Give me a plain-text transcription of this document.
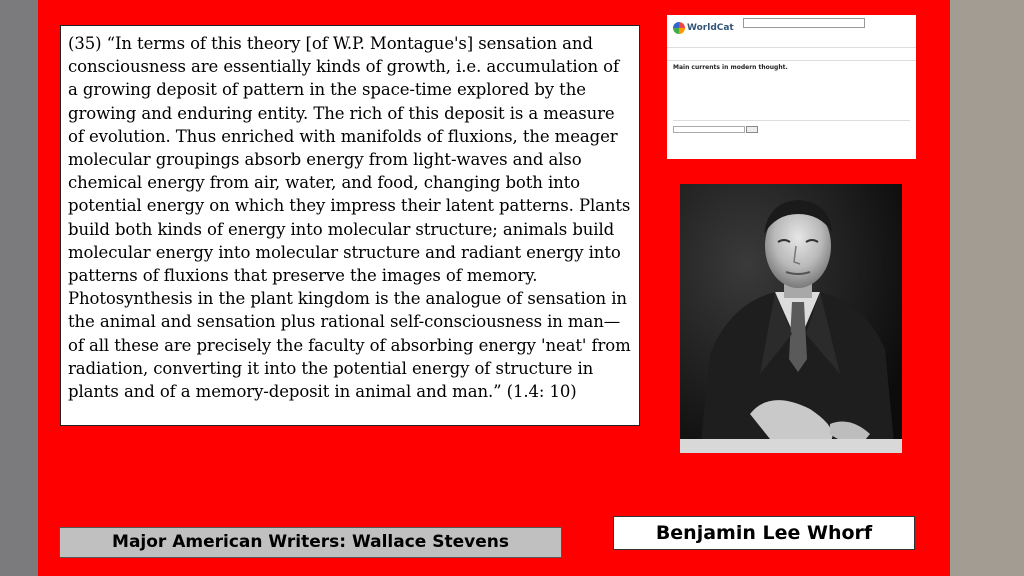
(35) “In terms of this theory [of W.P. Montague's] sensation and consciousness are essentially kinds of growth, i.e. accumulation of a growing deposit of pattern in the space-time explored by the growing and enduring entity. The rich of this deposit is a measure of evolution. Thus enriched with manifolds of fluxions, the meager molecular groupings absorb energy from light-waves and also chemical energy from air, water, and food, changing both into potential energy on which they impress their latent patterns. Plants build both kinds of energy into molecular structure; animals build molecular energy into molecular structure and radiant energy into patterns of fluxions that preserve the images of memory. Photosynthesis in the plant kingdom is the analogue of sensation in the animal and sensation plus rational self-consciousness in man—of all these are precisely the faculty of absorbing energy 'neat' from radiation, converting it into the potential energy of structure in plants and of a memory-deposit in animal and man.” (1.4: 10)

WorldCat
Main currents in modern thought.

Benjamin Lee Whorf
Major American Writers: Wallace Stevens
